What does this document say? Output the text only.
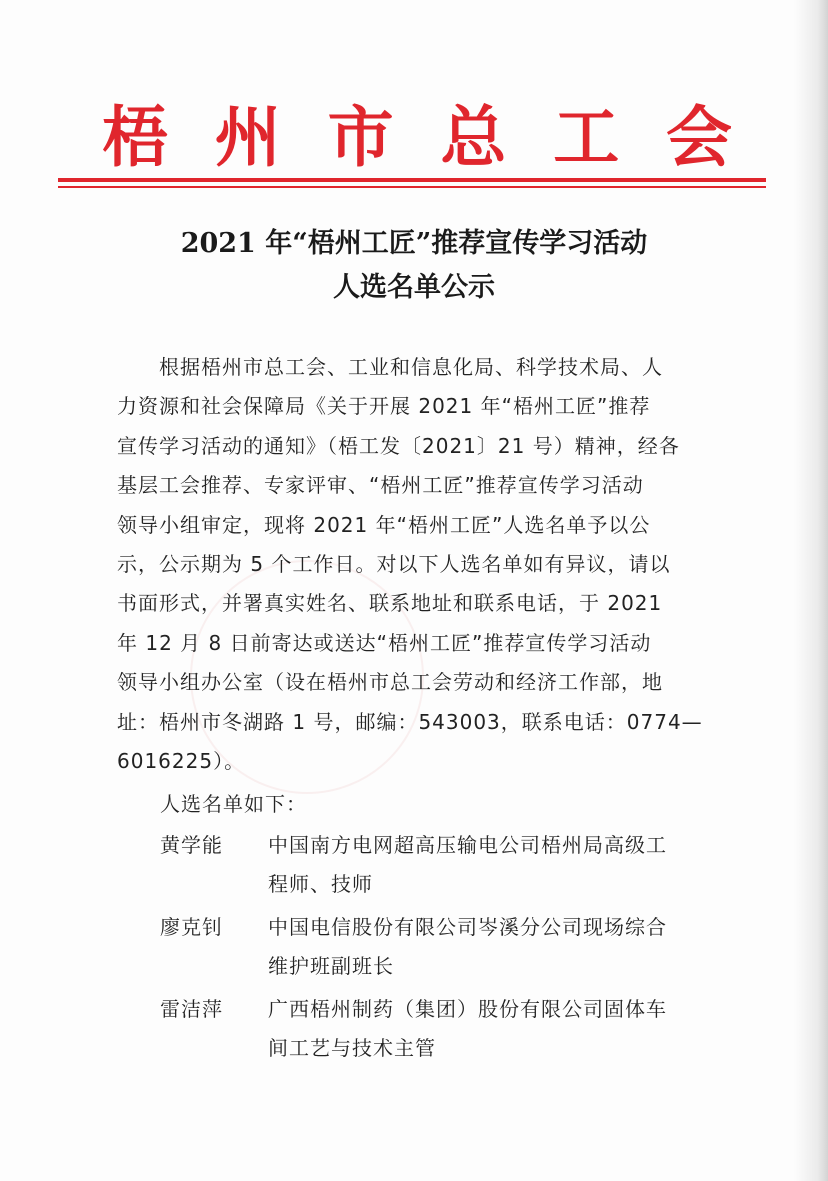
梧 州 市 总 工 会
2021 年“梧州工匠”推荐宣传学习活动
人选名单公示
　　根据梧州市总工会、工业和信息化局、科学技术局、人
力资源和社会保障局《关于开展 2021 年“梧州工匠”推荐
宣传学习活动的通知》（梧工发〔2021〕21 号）精神，经各
基层工会推荐、专家评审、“梧州工匠”推荐宣传学习活动
领导小组审定，现将 2021 年“梧州工匠”人选名单予以公
示，公示期为 5 个工作日。对以下人选名单如有异议，请以
书面形式，并署真实姓名、联系地址和联系电话，于 2021
年 12 月 8 日前寄达或送达“梧州工匠”推荐宣传学习活动
领导小组办公室（设在梧州市总工会劳动和经济工作部，地
址：梧州市冬湖路 1 号，邮编：543003，联系电话：0774—
6016225）。
人选名单如下：
黄学能 中国南方电网超高压输电公司梧州局高级工
程师、技师
廖克钊 中国电信股份有限公司岑溪分公司现场综合
维护班副班长
雷洁萍 广西梧州制药（集团）股份有限公司固体车
间工艺与技术主管
